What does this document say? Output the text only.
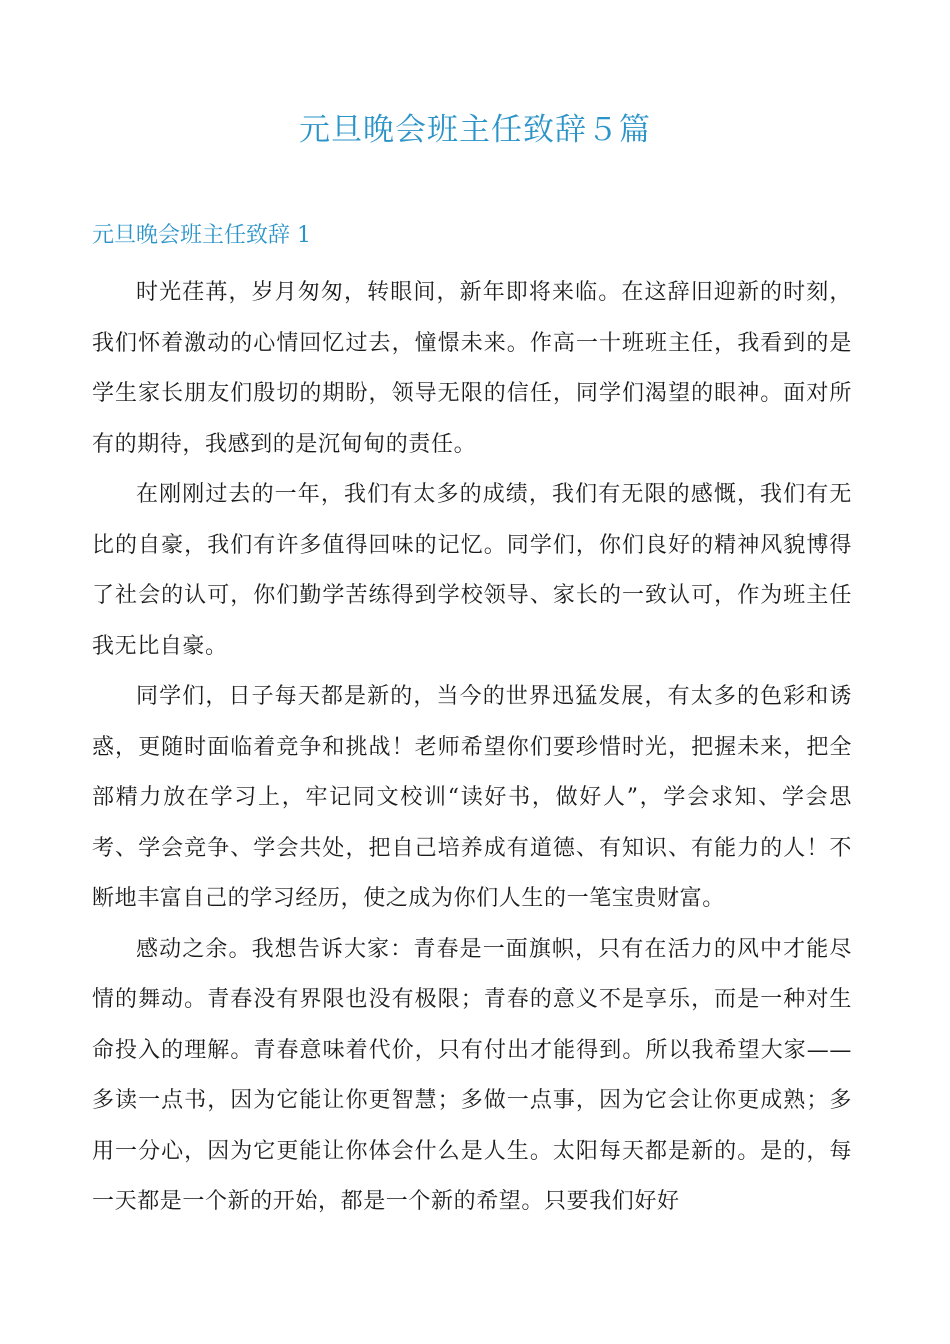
元旦晚会班主任致辞５篇
元旦晚会班主任致辞 1

时光荏苒，岁月匆匆，转眼间，新年即将来临。在这辞旧迎新的时刻，我们怀着激动的心情回忆过去，憧憬未来。作高一十班班主任，我看到的是学生家长朋友们殷切的期盼，领导无限的信任，同学们渴望的眼神。面对所有的期待，我感到的是沉甸甸的责任。

在刚刚过去的一年，我们有太多的成绩，我们有无限的感慨，我们有无比的自豪，我们有许多值得回味的记忆。同学们，你们良好的精神风貌博得了社会的认可，你们勤学苦练得到学校领导、家长的一致认可，作为班主任我无比自豪。

同学们，日子每天都是新的，当今的世界迅猛发展，有太多的色彩和诱惑，更随时面临着竞争和挑战！老师希望你们要珍惜时光，把握未来，把全部精力放在学习上，牢记同文校训“读好书，做好人”，学会求知、学会思考、学会竞争、学会共处，把自己培养成有道德、有知识、有能力的人！不断地丰富自己的学习经历，使之成为你们人生的一笔宝贵财富。

感动之余。我想告诉大家：青春是一面旗帜，只有在活力的风中才能尽情的舞动。青春没有界限也没有极限；青春的意义不是享乐，而是一种对生命投入的理解。青春意味着代价，只有付出才能得到。所以我希望大家——多读一点书，因为它能让你更智慧；多做一点事，因为它会让你更成熟；多用一分心，因为它更能让你体会什么是人生。太阳每天都是新的。是的，每一天都是一个新的开始，都是一个新的希望。只要我们好好
